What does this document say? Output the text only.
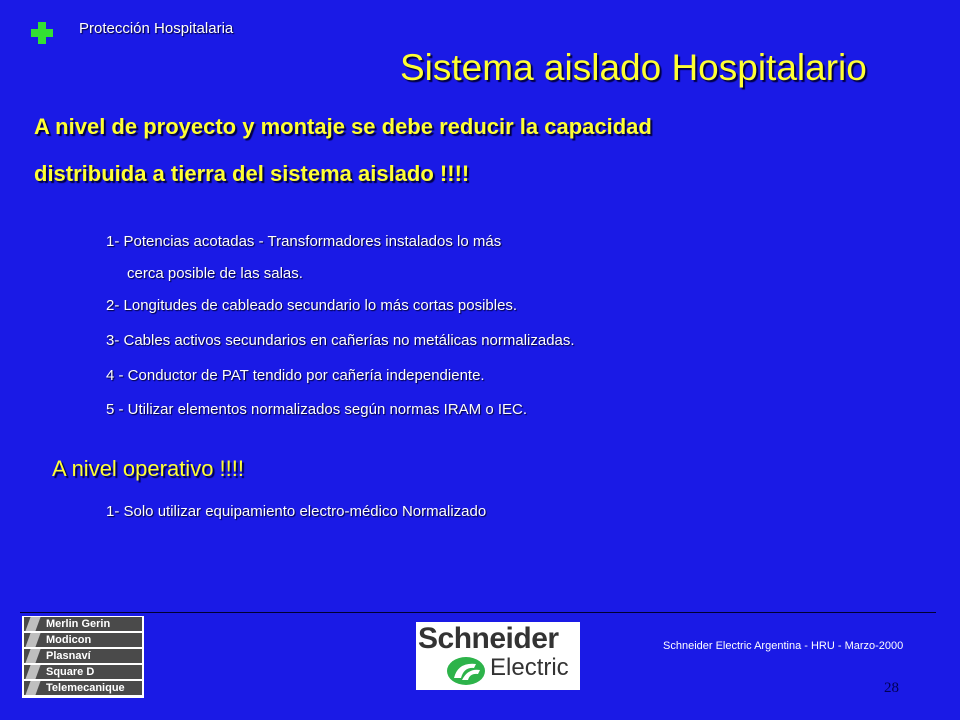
Protección Hospitalaria
Sistema aislado Hospitalario
A nivel de proyecto y montaje se debe reducir la capacidad
distribuida a tierra del sistema aislado !!!!
1- Potencias acotadas - Transformadores instalados lo más
cerca posible de las salas.
2- Longitudes de cableado secundario lo más cortas posibles.
3- Cables activos secundarios en cañerías no metálicas normalizadas.
4 - Conductor de PAT tendido por cañería independiente.
5 - Utilizar elementos normalizados según normas IRAM o IEC.
A nivel operativo !!!!
1- Solo utilizar equipamiento electro-médico Normalizado
Merlin Gerin
Modicon
Plasnaví
Square D
Telemecanique
Schneider
Electric
Schneider Electric Argentina - HRU - Marzo-2000
28
